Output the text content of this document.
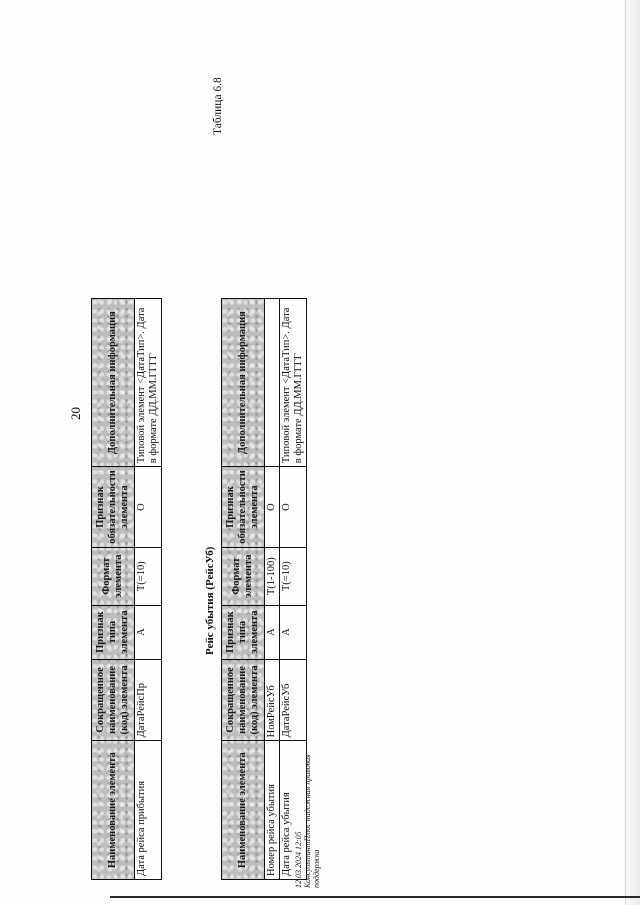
20
Наименование элемента	Сокращенное наименование (код) элемента	Признак типа элемента	Формат элемента	Признак обязательности элемента	Дополнительная информация
Дата рейса прибытия	ДатаРейсПр	А	Т(=10)	О	Типовой элемент <ДатаТип>. Дата в формате ДД.ММ.ГГГГ
Таблица 6.8
Рейс убытия (РейсУб)
Наименование элемента	Сокращенное наименование (код) элемента	Признак типа элемента	Формат элемента	Признак обязательности элемента	Дополнительная информация
Номер рейса убытия	НомРейсУб	А	Т(1-100)	О	
Дата рейса убытия	ДатаРейсУб	А	Т(=10)	О	Типовой элемент <ДатаТип>. Дата в формате ДД.ММ.ГГГГ
12.03.2024 12:05 КонсультантПлюс надежная правовая поддержка
